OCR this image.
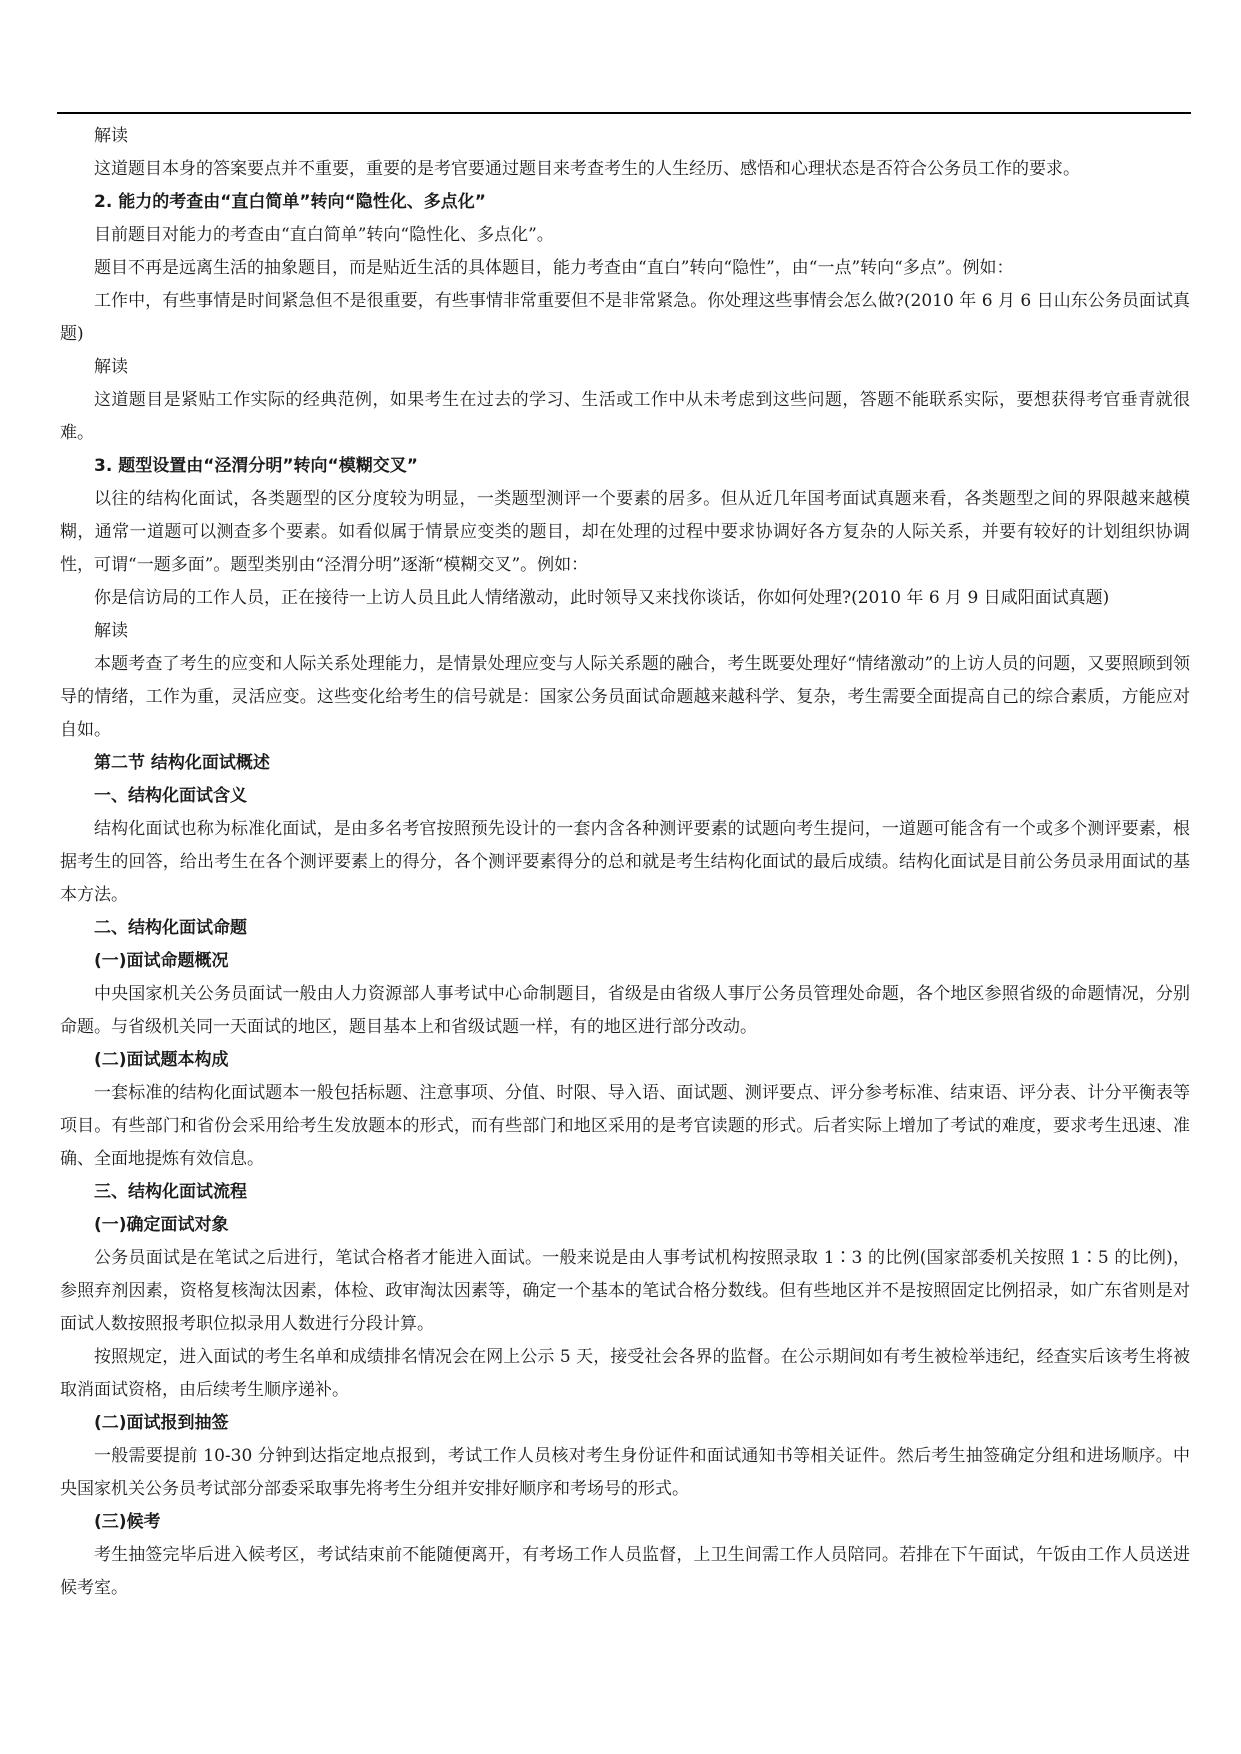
解读

这道题目本身的答案要点并不重要，重要的是考官要通过题目来考查考生的人生经历、感悟和心理状态是否符合公务员工作的要求。

2. 能力的考查由“直白简单”转向“隐性化、多点化”

目前题目对能力的考查由“直白简单”转向“隐性化、多点化”。

题目不再是远离生活的抽象题目，而是贴近生活的具体题目，能力考查由“直白”转向“隐性”，由“一点”转向“多点”。例如：

工作中，有些事情是时间紧急但不是很重要，有些事情非常重要但不是非常紧急。你处理这些事情会怎么做?(2010 年 6 月 6 日山东公务员面试真题)

解读

这道题目是紧贴工作实际的经典范例，如果考生在过去的学习、生活或工作中从未考虑到这些问题，答题不能联系实际，要想获得考官垂青就很难。

3. 题型设置由“泾渭分明”转向“模糊交叉”

以往的结构化面试，各类题型的区分度较为明显，一类题型测评一个要素的居多。但从近几年国考面试真题来看，各类题型之间的界限越来越模糊，通常一道题可以测查多个要素。如看似属于情景应变类的题目，却在处理的过程中要求协调好各方复杂的人际关系，并要有较好的计划组织协调性，可谓“一题多面”。题型类别由“泾渭分明”逐渐“模糊交叉”。例如：

你是信访局的工作人员，正在接待一上访人员且此人情绪激动，此时领导又来找你谈话，你如何处理?(2010 年 6 月 9 日咸阳面试真题)

解读

本题考查了考生的应变和人际关系处理能力，是情景处理应变与人际关系题的融合，考生既要处理好“情绪激动”的上访人员的问题，又要照顾到领导的情绪，工作为重，灵活应变。这些变化给考生的信号就是：国家公务员面试命题越来越科学、复杂，考生需要全面提高自己的综合素质，方能应对自如。

第二节 结构化面试概述

一、结构化面试含义

结构化面试也称为标准化面试，是由多名考官按照预先设计的一套内含各种测评要素的试题向考生提问，一道题可能含有一个或多个测评要素，根据考生的回答，给出考生在各个测评要素上的得分，各个测评要素得分的总和就是考生结构化面试的最后成绩。结构化面试是目前公务员录用面试的基本方法。

二、结构化面试命题

(一)面试命题概况

中央国家机关公务员面试一般由人力资源部人事考试中心命制题目，省级是由省级人事厅公务员管理处命题，各个地区参照省级的命题情况，分别命题。与省级机关同一天面试的地区，题目基本上和省级试题一样，有的地区进行部分改动。

(二)面试题本构成

一套标准的结构化面试题本一般包括标题、注意事项、分值、时限、导入语、面试题、测评要点、评分参考标准、结束语、评分表、计分平衡表等项目。有些部门和省份会采用给考生发放题本的形式，而有些部门和地区采用的是考官读题的形式。后者实际上增加了考试的难度，要求考生迅速、准确、全面地提炼有效信息。

三、结构化面试流程

(一)确定面试对象

公务员面试是在笔试之后进行，笔试合格者才能进入面试。一般来说是由人事考试机构按照录取 1∶3 的比例(国家部委机关按照 1∶5 的比例)，参照弃剂因素，资格复核淘汰因素，体检、政审淘汰因素等，确定一个基本的笔试合格分数线。但有些地区并不是按照固定比例招录，如广东省则是对面试人数按照报考职位拟录用人数进行分段计算。

按照规定，进入面试的考生名单和成绩排名情况会在网上公示 5 天，接受社会各界的监督。在公示期间如有考生被检举违纪，经查实后该考生将被取消面试资格，由后续考生顺序递补。

(二)面试报到抽签

一般需要提前 10-30 分钟到达指定地点报到，考试工作人员核对考生身份证件和面试通知书等相关证件。然后考生抽签确定分组和进场顺序。中央国家机关公务员考试部分部委采取事先将考生分组并安排好顺序和考场号的形式。

(三)候考

考生抽签完毕后进入候考区，考试结束前不能随便离开，有考场工作人员监督，上卫生间需工作人员陪同。若排在下午面试，午饭由工作人员送进候考室。
